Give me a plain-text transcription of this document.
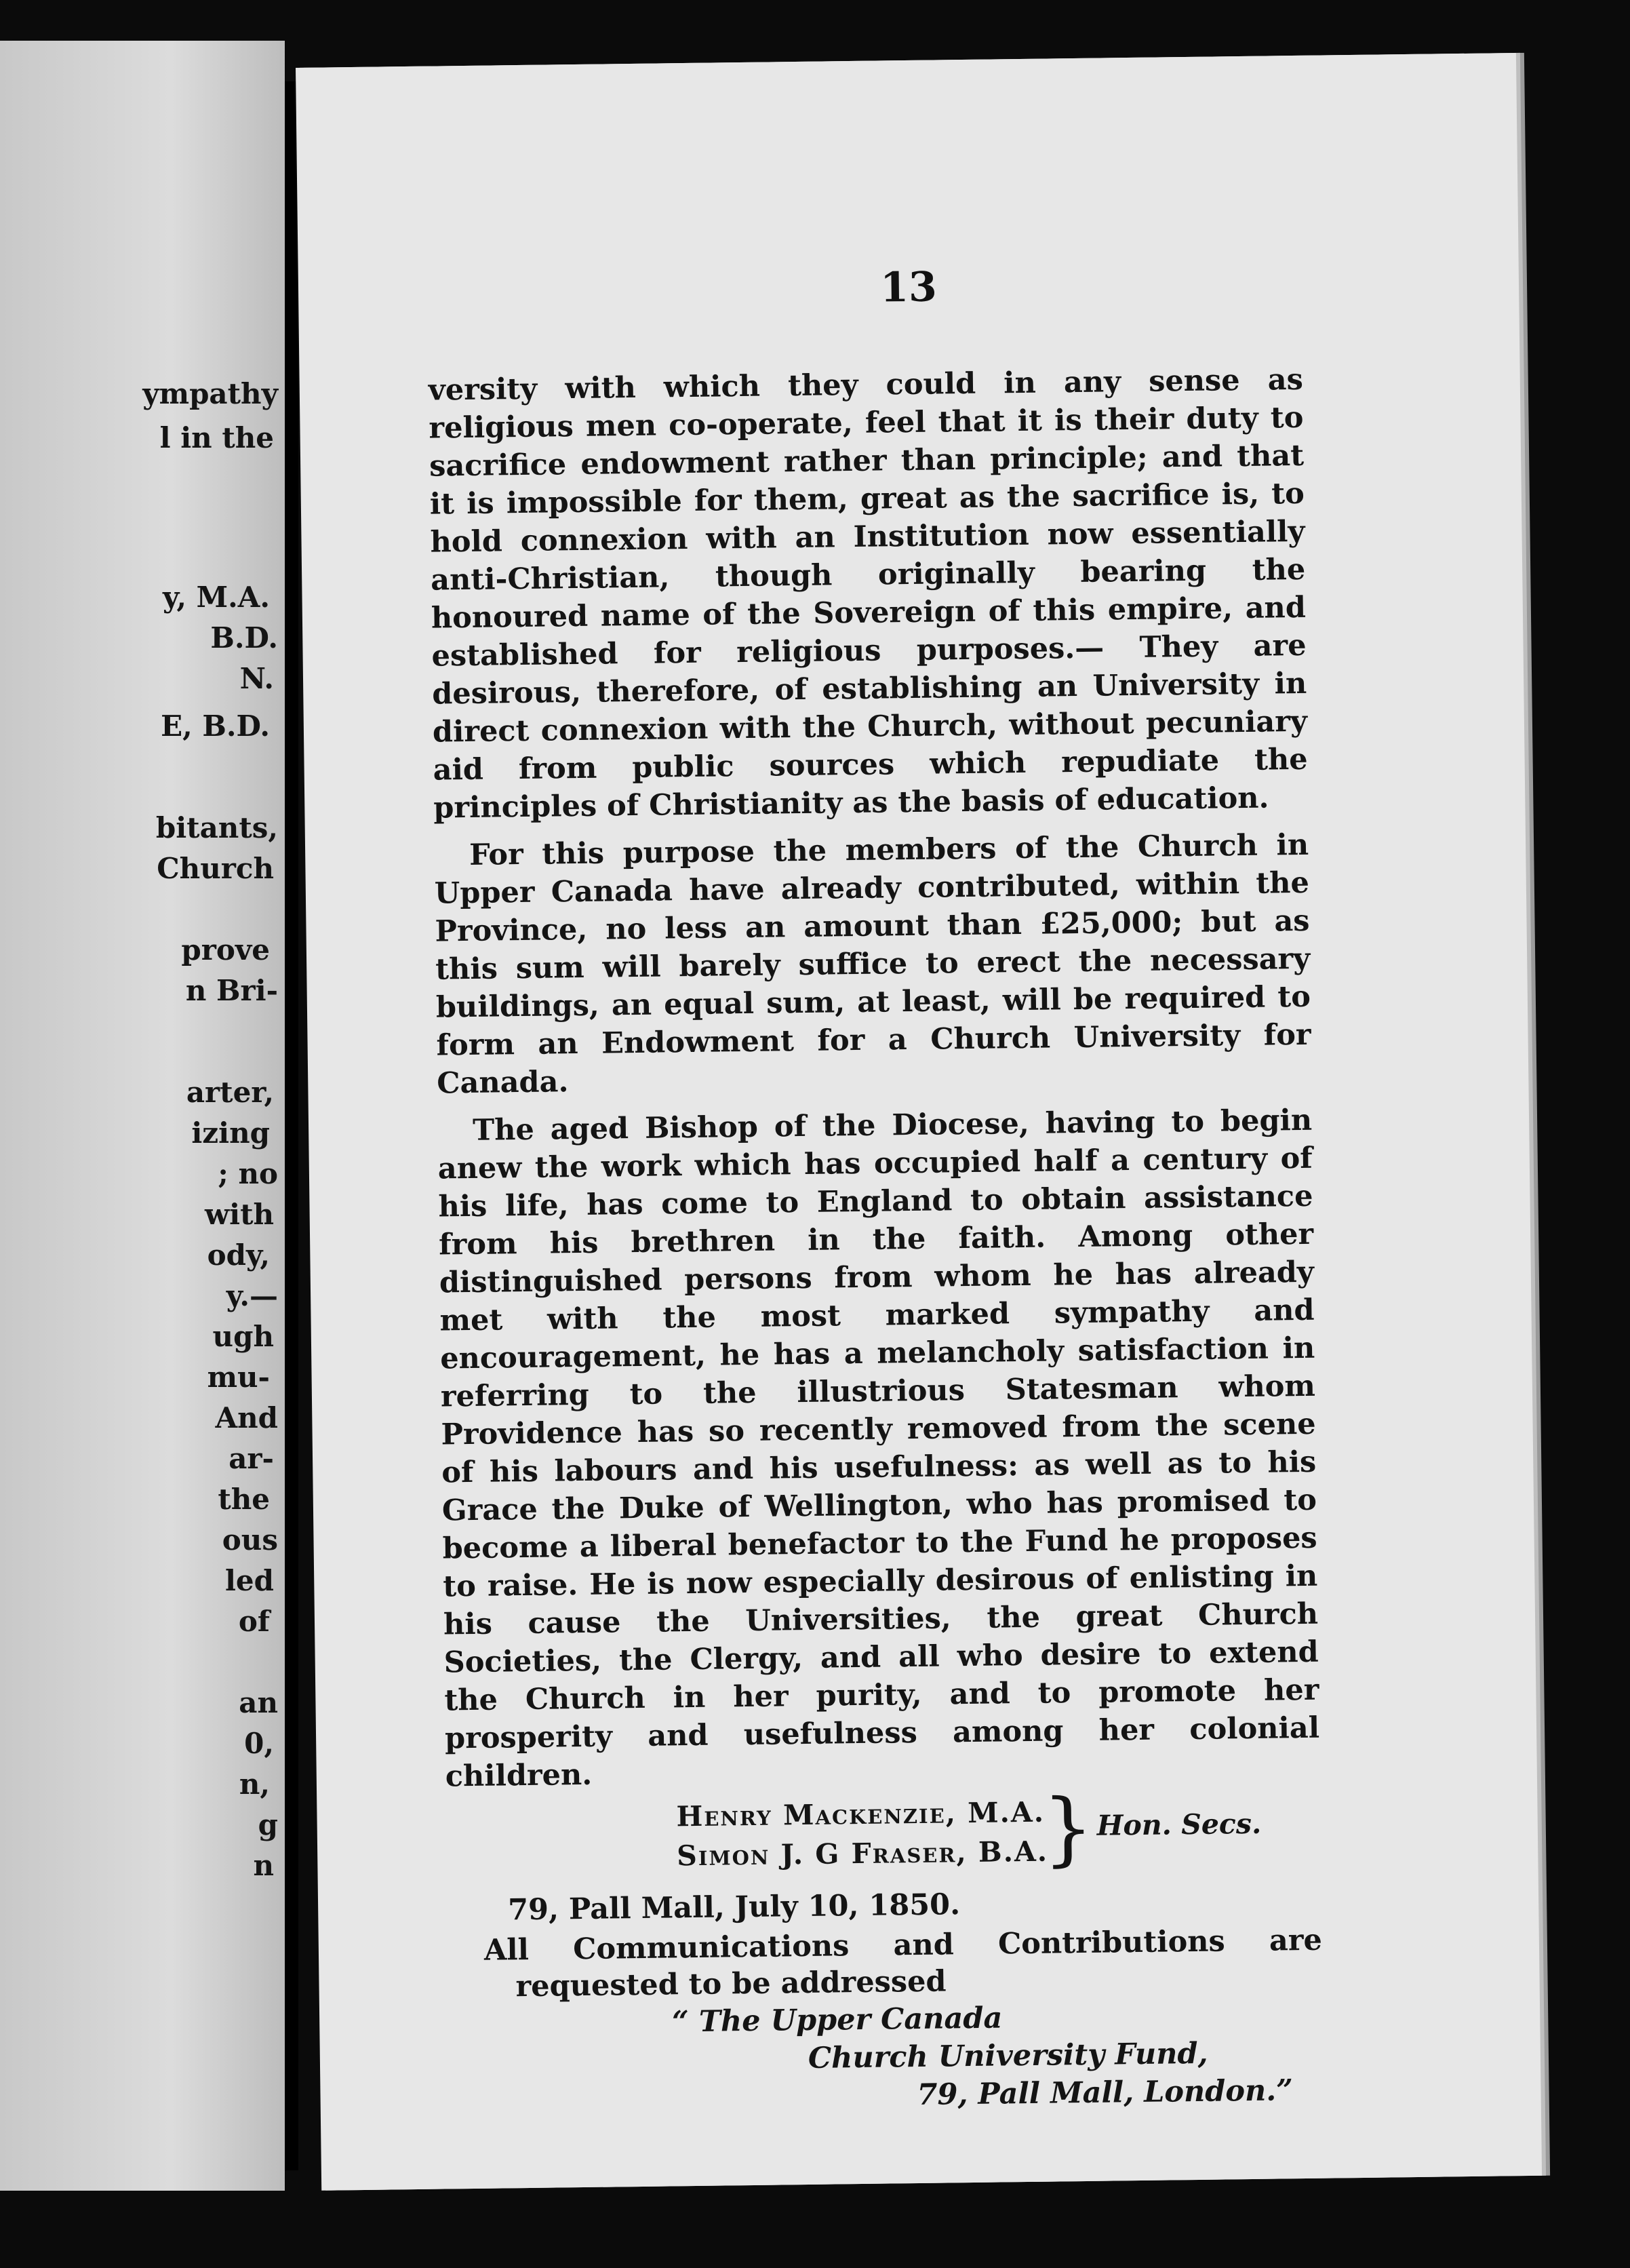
ympathy
l in the
y, M.A.
B.D.
N.
E, B.D.
bitants,
Church
prove
n Bri-
arter,
izing
; no
with
ody,
y.—
ugh
mu-
And
ar-
the
ous
led
of
an
0,
n,
g
n
13

versity with which they could in any sense as religious men co-operate, feel that it is their duty to sacrifice endowment rather than principle; and that it is impossible for them, great as the sacrifice is, to hold connexion with an Institution now essentially anti-Christian, though originally bearing the honoured name of the Sovereign of this empire, and established for religious purposes.— They are desirous, therefore, of establishing an University in direct connexion with the Church, without pecuniary aid from public sources which repudiate the principles of Christianity as the basis of education.

For this purpose the members of the Church in Upper Canada have already contributed, within the Province, no less an amount than £25,000; but as this sum will barely suffice to erect the necessary buildings, an equal sum, at least, will be required to form an Endowment for a Church University for Canada.

The aged Bishop of the Diocese, having to begin anew the work which has occupied half a century of his life, has come to England to obtain assistance from his brethren in the faith. Among other distinguished persons from whom he has already met with the most marked sympathy and encouragement, he has a melancholy satisfaction in referring to the illustrious Statesman whom Providence has so recently removed from the scene of his labours and his usefulness: as well as to his Grace the Duke of Wellington, who has promised to become a liberal benefactor to the Fund he proposes to raise. He is now especially desirous of enlisting in his cause the Universities, the great Church Societies, the Clergy, and all who desire to extend the Church in her purity, and to promote her prosperity and usefulness among her colonial children.

Henry Mackenzie, M.A.
Simon J. G Fraser, B.A.
} Hon. Secs.
79, Pall Mall, July 10, 1850.
All Communications and Contributions are requested to be addressed
“ The Upper Canada
Church University Fund,
79, Pall Mall, London.”
